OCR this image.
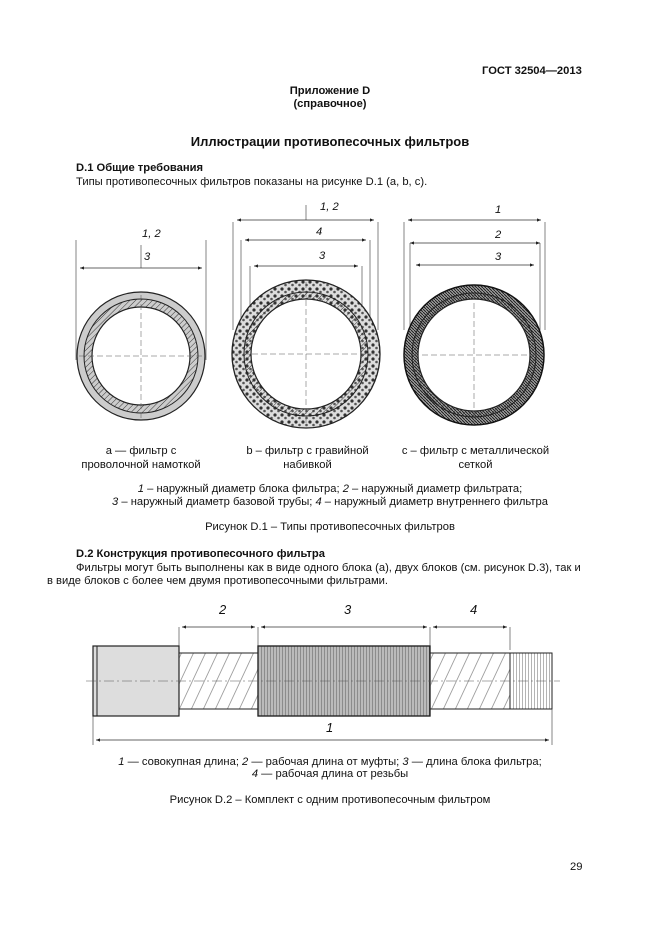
ГОСТ 32504—2013
Приложение D
(справочное)
Иллюстрации противопесочных фильтров
D.1 Общие требования
Типы противопесочных фильтров показаны на рисунке D.1 (a, b, c).
1, 2
3
1, 2
4
3
1
2
3
а — фильтр с
проволочной намоткой
b – фильтр с гравийной
набивкой
с – фильтр с металлической
сеткой
1 – наружный диаметр блока фильтра; 2 – наружный диаметр фильтрата;
3 – наружный диаметр базовой трубы; 4 – наружный диаметр внутреннего фильтра
Рисунок D.1 – Типы противопесочных фильтров
D.2 Конструкция противопесочного фильтра
Фильтры могут быть выполнены как в виде одного блока (а), двух блоков (см. рисунок D.3), так и
в виде блоков с более чем двумя противопесочными фильтрами.
2	3	4
1
1 — совокупная длина; 2 — рабочая длина от муфты; 3 — длина блока фильтра;
4 — рабочая длина от резьбы
Рисунок D.2 – Комплект с одним противопесочным фильтром
29
